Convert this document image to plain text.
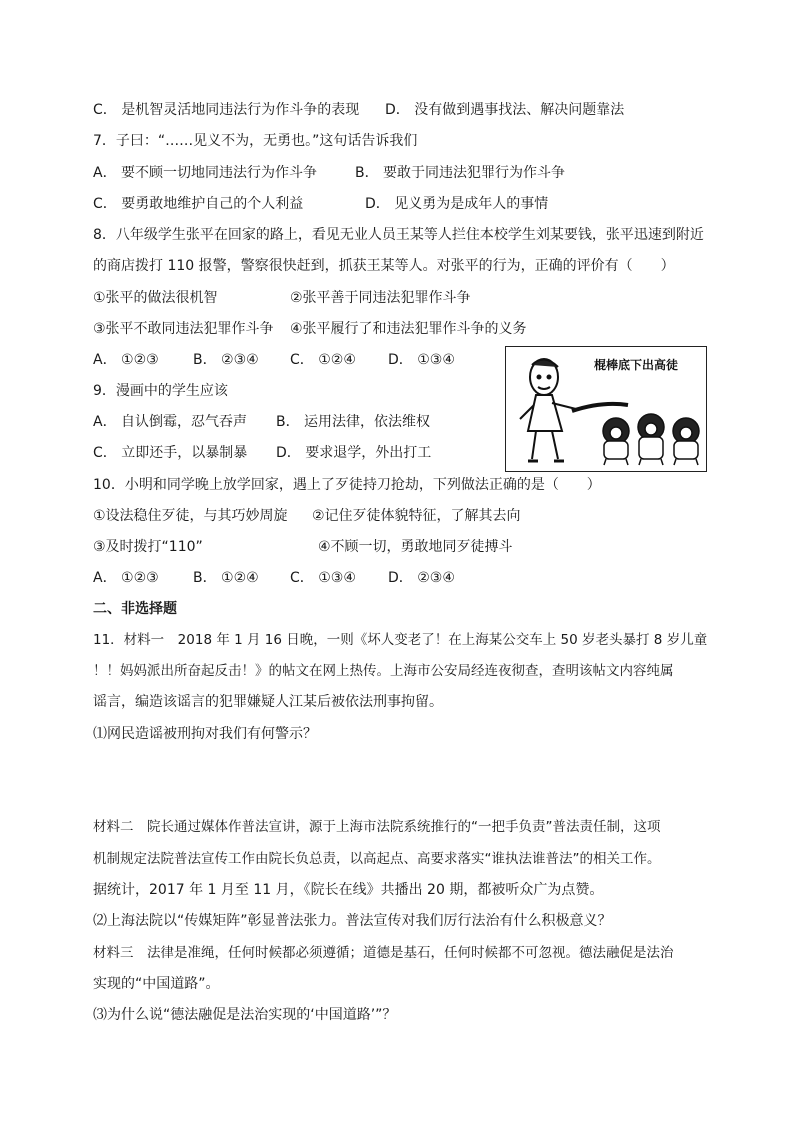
C． 是机智灵活地同违法行为作斗争的表现 D． 没有做到遇事找法、解决问题靠法
7．子曰：“……见义不为，无勇也。”这句话告诉我们
A． 要不顾一切地同违法行为作斗争	B． 要敢于同违法犯罪行为作斗争
C． 要勇敢地维护自己的个人利益	D． 见义勇为是成年人的事情
8．八年级学生张平在回家的路上，看见无业人员王某等人拦住本校学生刘某要钱，张平迅速到附近
的商店拨打 110 报警，警察很快赶到，抓获王某等人。对张平的行为，正确的评价有（　　）
①张平的做法很机智	②张平善于同违法犯罪作斗争
③张平不敢同违法犯罪作斗争 ④张平履行了和违法犯罪作斗争的义务
A． ①②③ B． ②③④ C． ①②④ D． ①③④	棍棒底下出高徒
9．漫画中的学生应该
A． 自认倒霉，忍气吞声 B． 运用法律，依法维权
C． 立即还手，以暴制暴 D． 要求退学，外出打工
10．小明和同学晚上放学回家，遇上了歹徒持刀抢劫，下列做法正确的是（　　）
①设法稳住歹徒，与其巧妙周旋 ②记住歹徒体貌特征，了解其去向
③及时拨打“110”	④不顾一切，勇敢地同歹徒搏斗
A． ①②③ B． ①②④ C． ①③④ D． ②③④
二、非选择题
11．材料一　2018 年 1 月 16 日晚，一则《坏人变老了！在上海某公交车上 50 岁老头暴打 8 岁儿童
！！妈妈派出所奋起反击！》的帖文在网上热传。上海市公安局经连夜彻查，查明该帖文内容纯属
谣言，编造该谣言的犯罪嫌疑人江某后被依法刑事拘留。
⑴网民造谣被刑拘对我们有何警示？
材料二　院长通过媒体作普法宣讲，源于上海市法院系统推行的“一把手负责”普法责任制，这项
机制规定法院普法宣传工作由院长负总责，以高起点、高要求落实“谁执法谁普法”的相关工作。
据统计，2017 年 1 月至 11 月，《院长在线》共播出 20 期，都被听众广为点赞。
⑵上海法院以“传媒矩阵”彰显普法张力。普法宣传对我们厉行法治有什么积极意义？
材料三　法律是准绳，任何时候都必须遵循；道德是基石，任何时候都不可忽视。德法融促是法治
实现的“中国道路”。
⑶为什么说“德法融促是法治实现的‘中国道路’”？
